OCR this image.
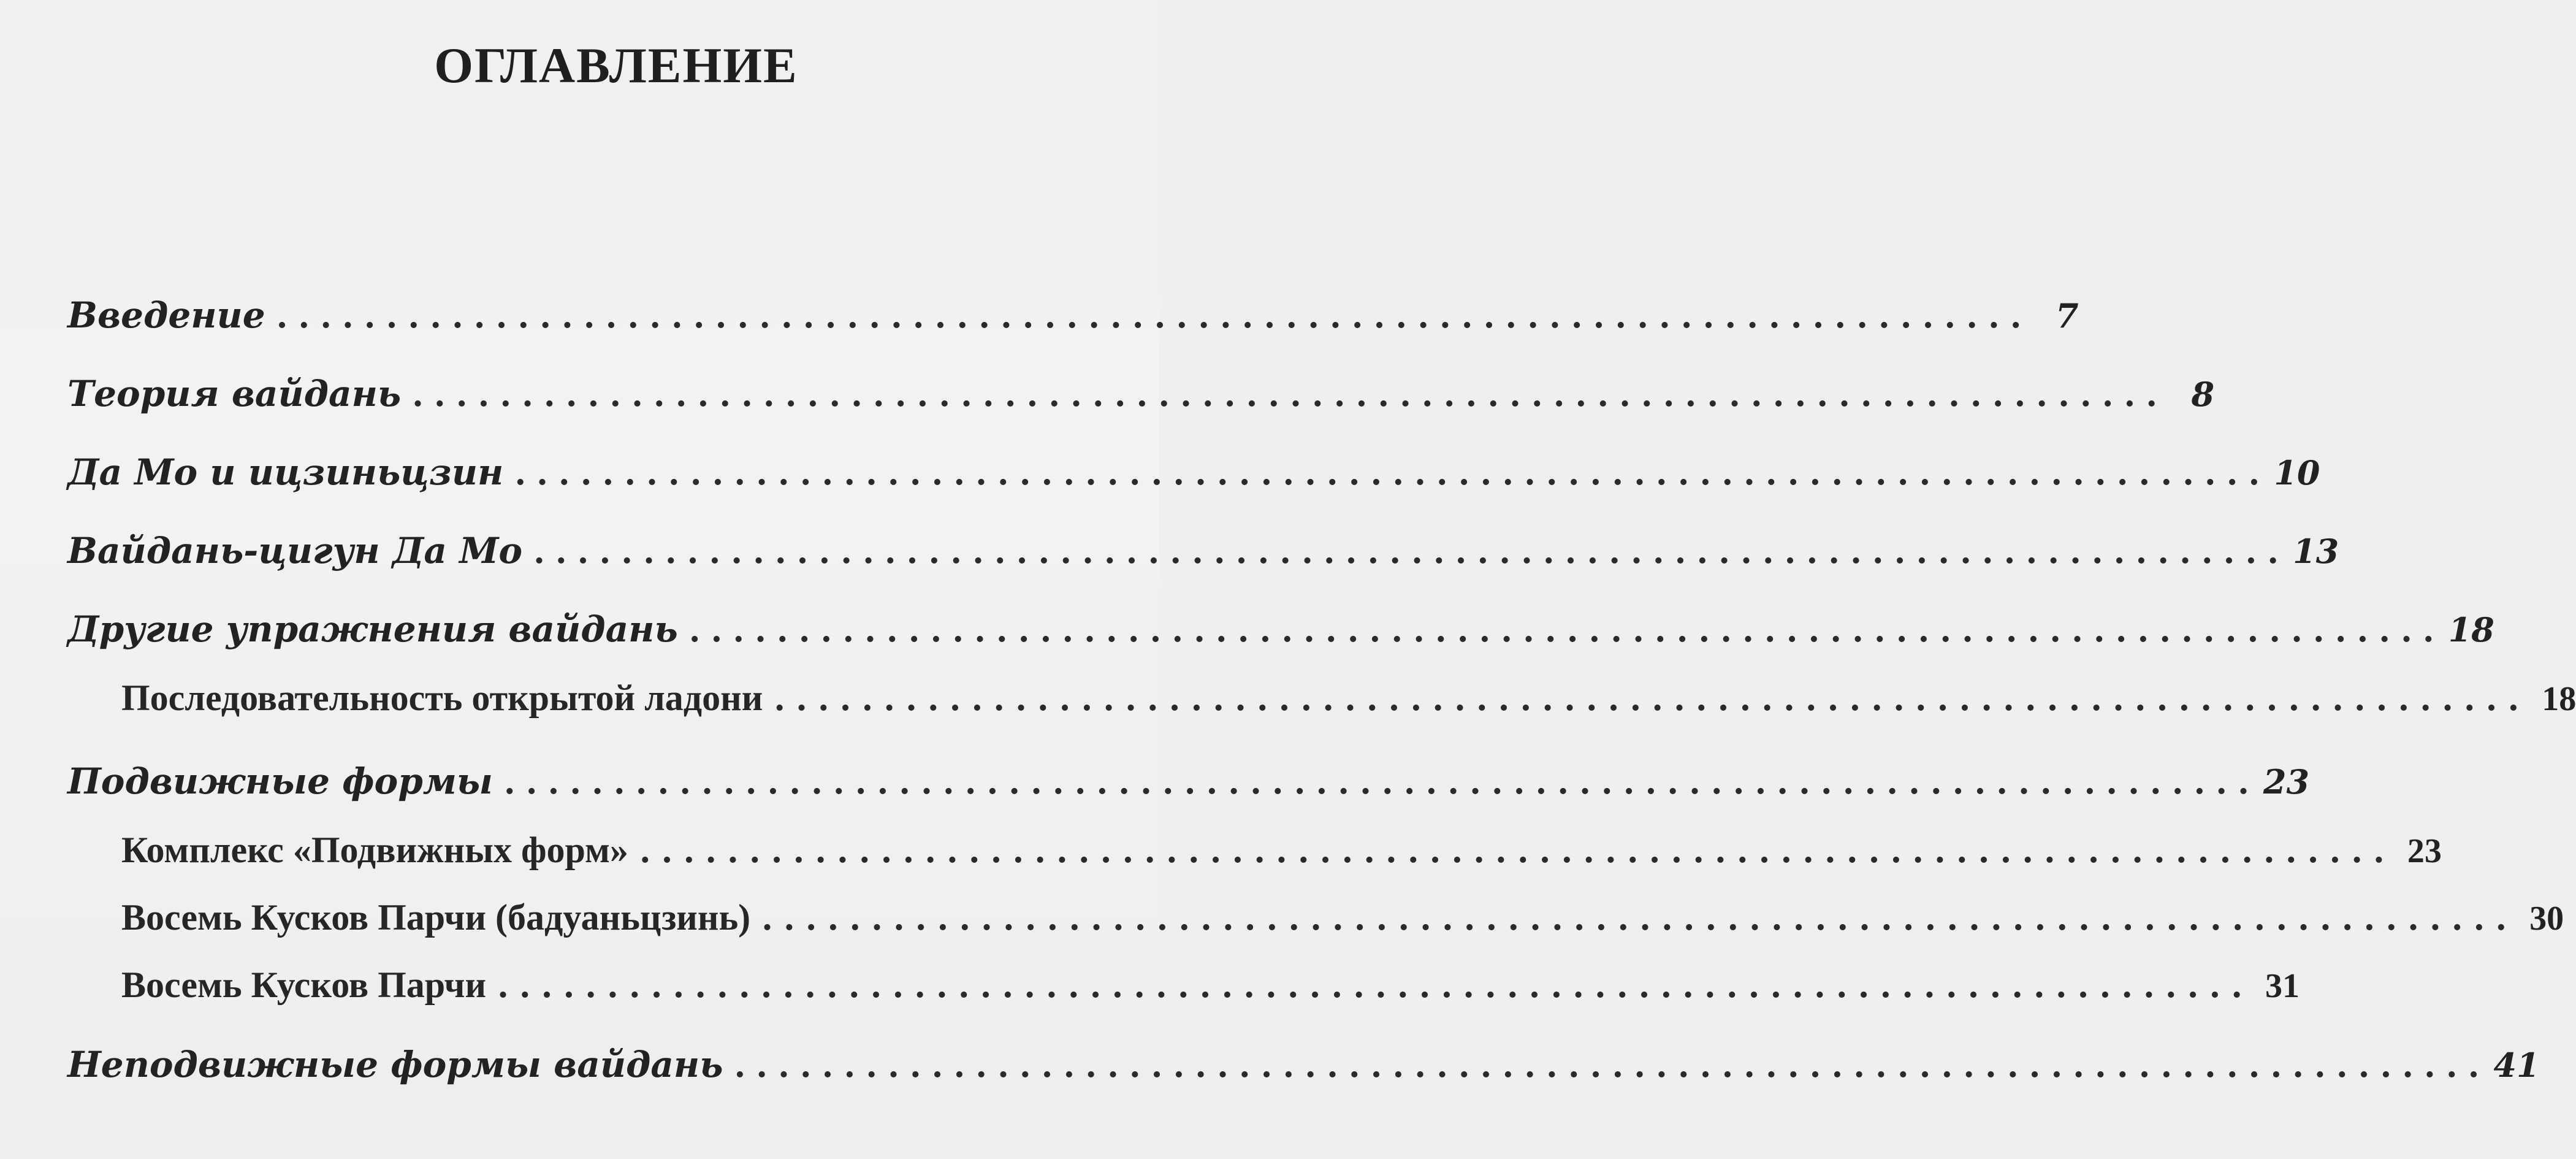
ОГЛАВЛЕНИЕ
Введение ................................................................................ 7
Теория вайдань ................................................................................ 8
Да Мо и ицзиньцзин ................................................................................ 10
Вайдань-цигун Да Мо ................................................................................ 13
Другие упражнения вайдань ................................................................................ 18
Последовательность открытой ладони ................................................................................ 18
Подвижные формы ................................................................................ 23
Комплекс «Подвижных форм» ................................................................................ 23
Восемь Кусков Парчи (бадуаньцзинь) ................................................................................ 30
Восемь Кусков Парчи ................................................................................ 31
Неподвижные формы вайдань ................................................................................ 41
